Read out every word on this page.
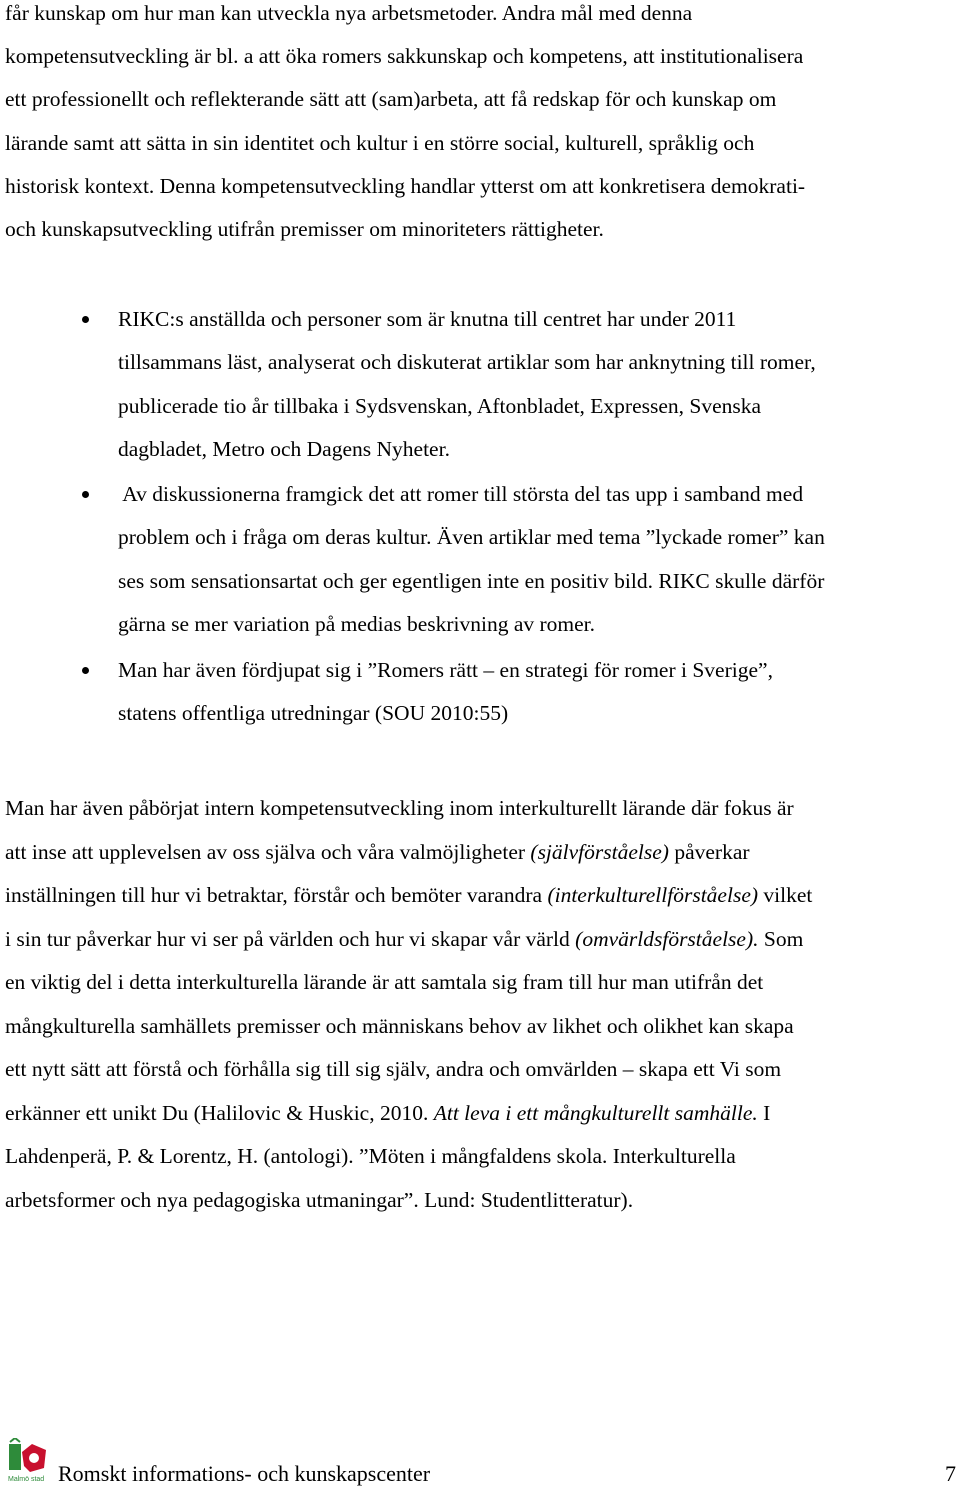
får kunskap om hur man kan utveckla nya arbetsmetoder. Andra mål med denna
kompetensutveckling är bl. a att öka romers sakkunskap och kompetens, att institutionalisera
ett professionellt och reflekterande sätt att (sam)arbeta, att få redskap för och kunskap om
lärande samt att sätta in sin identitet och kultur i en större social, kulturell, språklig och
historisk kontext. Denna kompetensutveckling handlar ytterst om att konkretisera demokrati-
och kunskapsutveckling utifrån premisser om minoriteters rättigheter.
RIKC:s anställda och personer som är knutna till centret har under 2011
tillsammans läst, analyserat och diskuterat artiklar som har anknytning till romer,
publicerade tio år tillbaka i Sydsvenskan, Aftonbladet, Expressen, Svenska
dagbladet, Metro och Dagens Nyheter.
Av diskussionerna framgick det att romer till största del tas upp i samband med
problem och i fråga om deras kultur. Även artiklar med tema ”lyckade romer” kan
ses som sensationsartat och ger egentligen inte en positiv bild. RIKC skulle därför
gärna se mer variation på medias beskrivning av romer.
Man har även fördjupat sig i ”Romers rätt – en strategi för romer i Sverige”,
statens offentliga utredningar (SOU 2010:55)
Man har även påbörjat intern kompetensutveckling inom interkulturellt lärande där fokus är
att inse att upplevelsen av oss själva och våra valmöjligheter (självförståelse) påverkar
inställningen till hur vi betraktar, förstår och bemöter varandra (interkulturellförståelse) vilket
i sin tur påverkar hur vi ser på världen och hur vi skapar vår värld (omvärldsförståelse). Som
en viktig del i detta interkulturella lärande är att samtala sig fram till hur man utifrån det
mångkulturella samhällets premisser och människans behov av likhet och olikhet kan skapa
ett nytt sätt att förstå och förhålla sig till sig själv, andra och omvärlden – skapa ett Vi som
erkänner ett unikt Du (Halilovic & Huskic, 2010. Att leva i ett mångkulturellt samhälle. I
Lahdenperä, P. & Lorentz, H. (antologi). ”Möten i mångfaldens skola. Interkulturella
arbetsformer och nya pedagogiska utmaningar”. Lund: Studentlitteratur).
Malmö stad Romskt informations- och kunskapscenter	7
